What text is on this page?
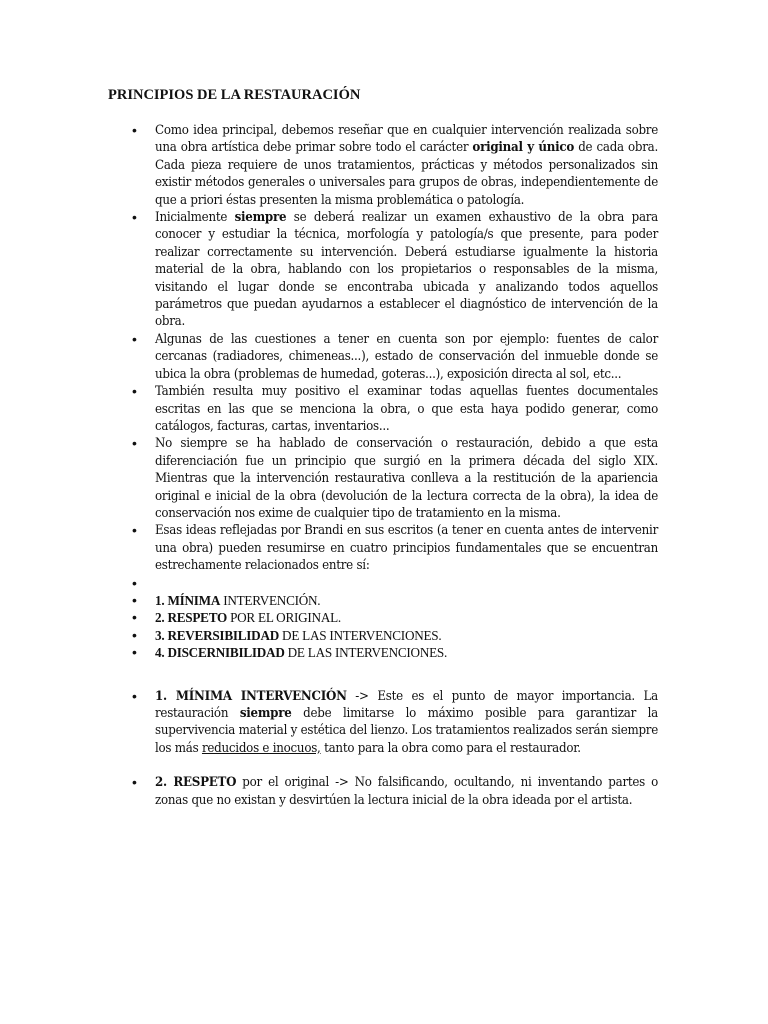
PRINCIPIOS DE LA RESTAURACIÓN
• Como idea principal, debemos reseñar que en cualquier intervención realizada sobre una obra artística debe primar sobre todo el carácter original y único de cada obra. Cada pieza requiere de unos tratamientos, prácticas y métodos personalizados sin existir métodos generales o universales para grupos de obras, independientemente de que a priori éstas presenten la misma problemática o patología.
• Inicialmente siempre se deberá realizar un examen exhaustivo de la obra para conocer y estudiar la técnica, morfología y patología/s que presente, para poder realizar correctamente su intervención. Deberá estudiarse igualmente la historia material de la obra, hablando con los propietarios o responsables de la misma, visitando el lugar donde se encontraba ubicada y analizando todos aquellos parámetros que puedan ayudarnos a establecer el diagnóstico de intervención de la obra.
• Algunas de las cuestiones a tener en cuenta son por ejemplo: fuentes de calor cercanas (radiadores, chimeneas...), estado de conservación del inmueble donde se ubica la obra (problemas de humedad, goteras...), exposición directa al sol, etc...
• También resulta muy positivo el examinar todas aquellas fuentes documentales escritas en las que se menciona la obra, o que esta haya podido generar, como catálogos, facturas, cartas, inventarios...
• No siempre se ha hablado de conservación o restauración, debido a que esta diferenciación fue un principio que surgió en la primera década del siglo XIX. Mientras que la intervención restaurativa conlleva a la restitución de la apariencia original e inicial de la obra (devolución de la lectura correcta de la obra), la idea de conservación nos exime de cualquier tipo de tratamiento en la misma.
• Esas ideas reflejadas por Brandi en sus escritos (a tener en cuenta antes de intervenir una obra) pueden resumirse en cuatro principios fundamentales que se encuentran estrechamente relacionados entre sí:
•
• 1. MÍNIMA INTERVENCIÓN.
• 2. RESPETO POR EL ORIGINAL.
• 3. REVERSIBILIDAD DE LAS INTERVENCIONES.
• 4. DISCERNIBILIDAD DE LAS INTERVENCIONES.
• 1. MÍNIMA INTERVENCIÓN -> Este es el punto de mayor importancia. La restauración siempre debe limitarse lo máximo posible para garantizar la supervivencia material y estética del lienzo. Los tratamientos realizados serán siempre los más reducidos e inocuos, tanto para la obra como para el restaurador.
• 2. RESPETO por el original -> No falsificando, ocultando, ni inventando partes o zonas que no existan y desvirtúen la lectura inicial de la obra ideada por el artista.
